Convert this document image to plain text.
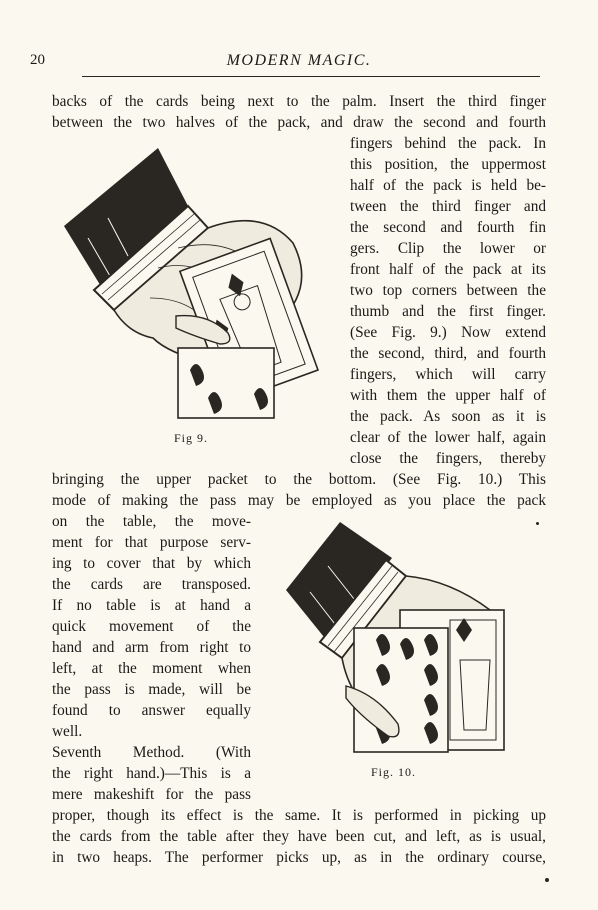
20	MODERN MAGIC.

backs of the cards being next to the palm. Insert the third finger

between the two halves of the pack, and draw the second and fourth

Fig 9.

fingers behind the pack. In

this position, the uppermost

half of the pack is held be-

tween the third finger and

the second and fourth fin

gers. Clip the lower or

front half of the pack at its

two top corners between the

thumb and the first finger.

(See Fig. 9.) Now extend

the second, third, and fourth

fingers, which will carry

with them the upper half of

the pack. As soon as it is

clear of the lower half, again

close the fingers, thereby

bringing the upper packet to the bottom. (See Fig. 10.) This

mode of making the pass may be employed as you place the pack

on the table, the move-

ment for that purpose serv-

ing to cover that by which

the cards are transposed.

If no table is at hand a

quick movement of the

hand and arm from right to

left, at the moment when

the pass is made, will be

found to answer equally

well.

Seventh Method. (With

the right hand.)—This is a

mere makeshift for the pass

Fig. 10.

proper, though its effect is the same. It is performed in picking up

the cards from the table after they have been cut, and left, as is usual,

in two heaps. The performer picks up, as in the ordinary course,
